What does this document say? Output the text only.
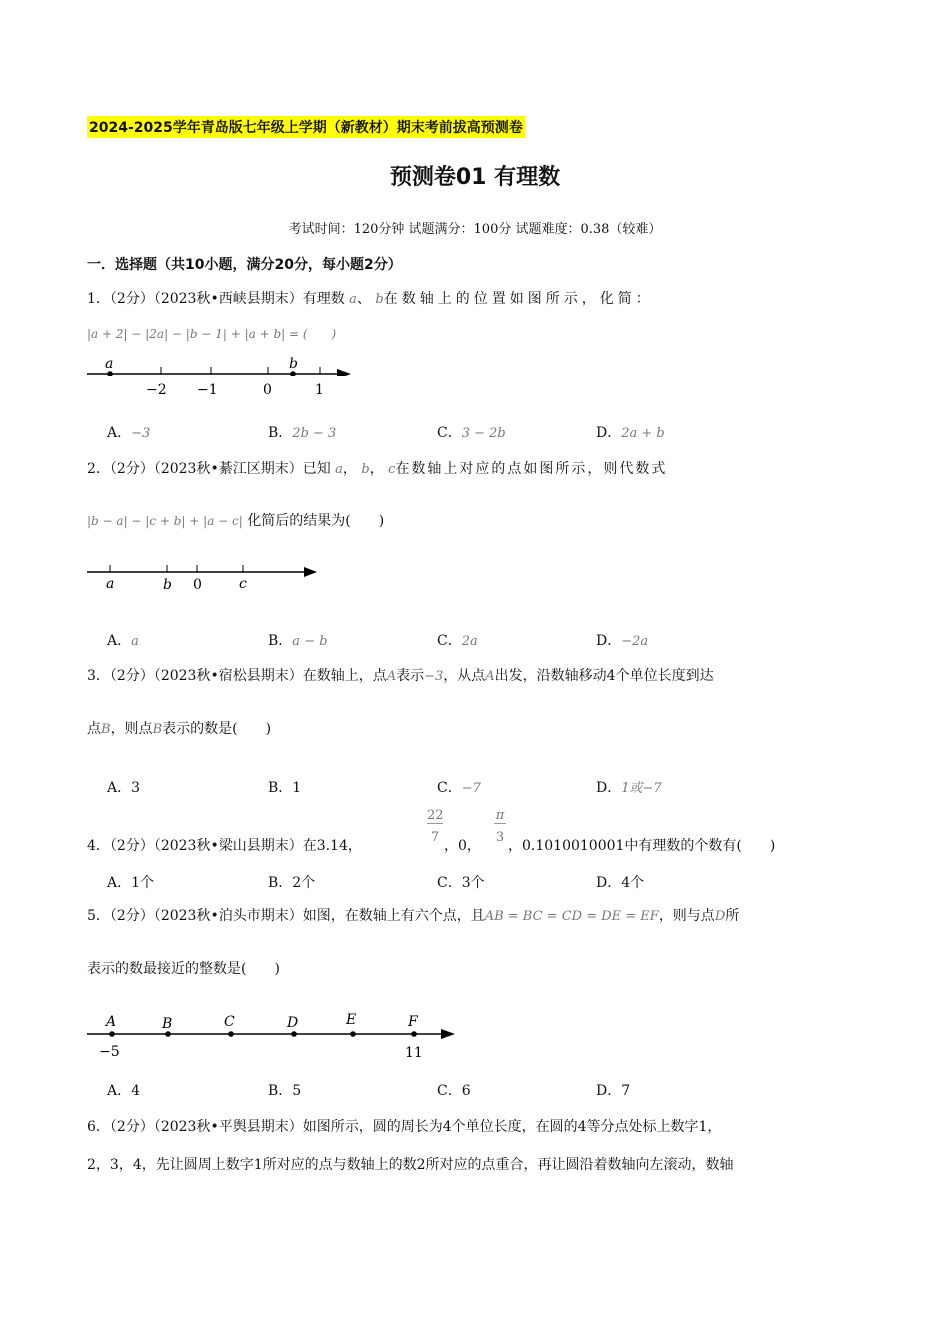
2024-2025学年青岛版七年级上学期（新教材）期末考前拔高预测卷
预测卷01 有理数
考试时间：120分钟 试题满分：100分 试题难度：0.38（较难）
一．选择题（共10小题，满分20分，每小题2分）
1．（2分）（2023秋•西峡县期末）有理数 a、 b在数轴上的位置如图所示，化简：
|a + 2| − |2a| − |b − 1| + |a + b| = (　　)
a	b
−2 −1	0	1
A．−3	B．2b − 3	C．3 − 2b	D．2a + b
2．（2分）（2023秋•綦江区期末）已知 a， b， c在数轴上对应的点如图所示，则代数式
|b − a| − |c + b| + |a − c| 化简后的结果为(　　)
a	b 0	c
A．a	B．a − b	C．2a	D．−2a
3．（2分）（2023秋•宿松县期末）在数轴上，点A表示−3，从点A出发，沿数轴移动4个单位长度到达
点B，则点B表示的数是(　　)
A．3	B．1	C．−7	D．1或−7
4．（2分）（2023秋•梁山县期末）在3.14，
22
7
，0，
π
3
，0.1010010001中有理数的个数有(　　)
A．1个	B．2个	C．3个	D．4个
5．（2分）（2023秋•泊头市期末）如图，在数轴上有六个点，且AB = BC = CD = DE = EF，则与点D所
表示的数最接近的整数是(　　)
A	B	C	D	E	F
−5	11
A．4	B．5	C．6	D．7
6．（2分）（2023秋•平舆县期末）如图所示，圆的周长为4个单位长度，在圆的4等分点处标上数字1，
2，3，4，先让圆周上数字1所对应的点与数轴上的数2所对应的点重合，再让圆沿着数轴向左滚动，数轴
